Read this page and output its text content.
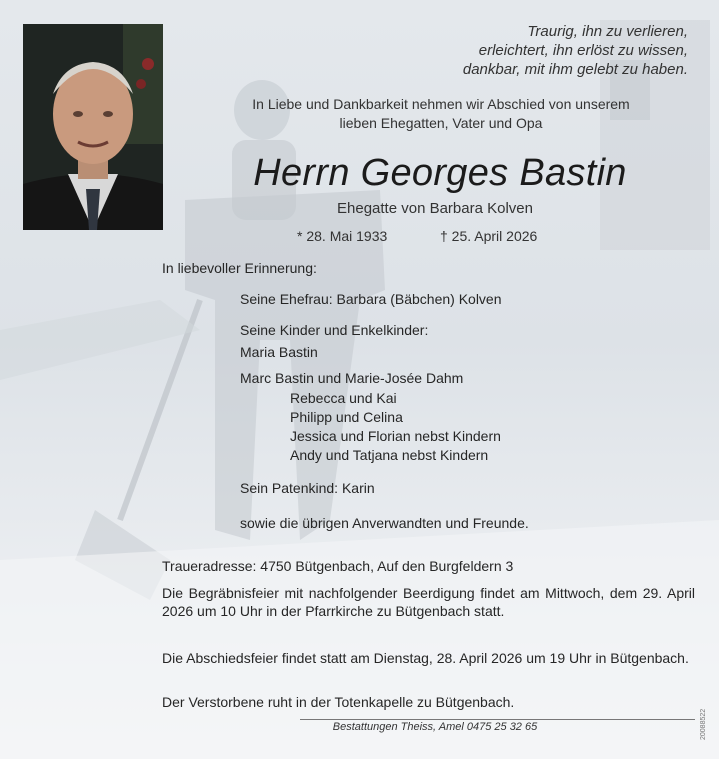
Traurig, ihn zu verlieren,
erleichtert, ihn erlöst zu wissen,
dankbar, mit ihm gelebt zu haben.
In Liebe und Dankbarkeit nehmen wir Abschied von unserem
lieben Ehegatten, Vater und Opa
Herrn Georges Bastin
Ehegatte von Barbara Kolven
* 28. Mai 1933	† 25. April 2026
In liebevoller Erinnerung:
Seine Ehefrau: Barbara (Bäbchen) Kolven
Seine Kinder und Enkelkinder:
Maria Bastin
Marc Bastin und Marie-Josée Dahm
Rebecca und Kai
Philipp und Celina
Jessica und Florian nebst Kindern
Andy und Tatjana nebst Kindern
Sein Patenkind: Karin
sowie die übrigen Anverwandten und Freunde.
Traueradresse: 4750 Bütgenbach, Auf den Burgfeldern 3
Die Begräbnisfeier mit nachfolgender Beerdigung findet am Mittwoch, dem 29. April 2026 um 10 Uhr in der Pfarrkirche zu Bütgenbach statt.
Die Abschiedsfeier findet statt am Dienstag, 28. April 2026 um 19 Uhr in Bütgenbach.
Der Verstorbene ruht in der Totenkapelle zu Bütgenbach.
Bestattungen Theiss, Amel 0475 25 32 65	20088522
